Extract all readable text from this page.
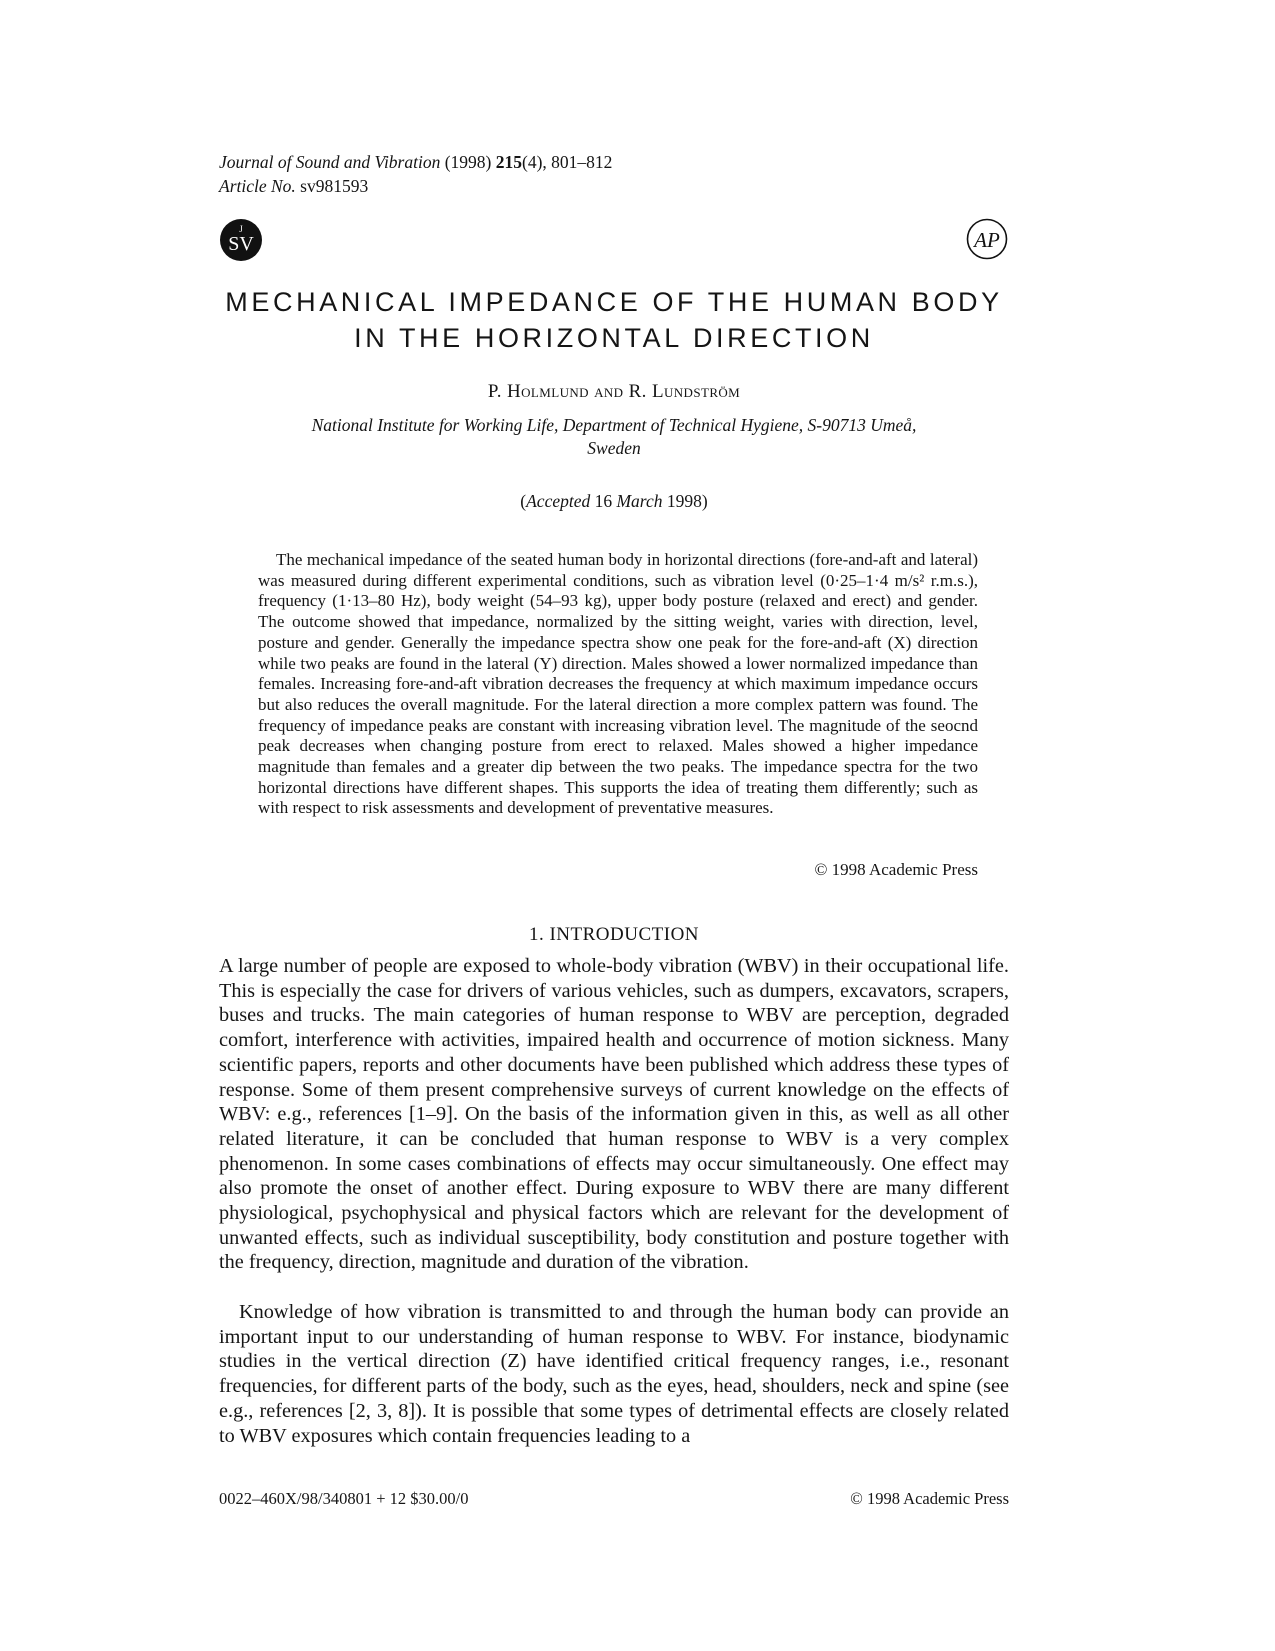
Journal of Sound and Vibration (1998) 215(4), 801–812
Article No. sv981593
J
SV	AP
MECHANICAL IMPEDANCE OF THE HUMAN BODY
IN THE HORIZONTAL DIRECTION
P. Holmlund and R. Lundström
National Institute for Working Life, Department of Technical Hygiene, S-90713 Umeå,
Sweden
(Accepted 16 March 1998)

The mechanical impedance of the seated human body in horizontal directions (fore-and-aft and lateral) was measured during different experimental conditions, such as vibration level (0·25–1·4 m/s² r.m.s.), frequency (1·13–80 Hz), body weight (54–93 kg), upper body posture (relaxed and erect) and gender. The outcome showed that impedance, normalized by the sitting weight, varies with direction, level, posture and gender. Generally the impedance spectra show one peak for the fore-and-aft (X) direction while two peaks are found in the lateral (Y) direction. Males showed a lower normalized impedance than females. Increasing fore-and-aft vibration decreases the frequency at which maximum impedance occurs but also reduces the overall magnitude. For the lateral direction a more complex pattern was found. The frequency of impedance peaks are constant with increasing vibration level. The magnitude of the seocnd peak decreases when changing posture from erect to relaxed. Males showed a higher impedance magnitude than females and a greater dip between the two peaks. The impedance spectra for the two horizontal directions have different shapes. This supports the idea of treating them differently; such as with respect to risk assessments and development of preventative measures.

© 1998 Academic Press
1. INTRODUCTION

A large number of people are exposed to whole-body vibration (WBV) in their occupational life. This is especially the case for drivers of various vehicles, such as dumpers, excavators, scrapers, buses and trucks. The main categories of human response to WBV are perception, degraded comfort, interference with activities, impaired health and occurrence of motion sickness. Many scientific papers, reports and other documents have been published which address these types of response. Some of them present comprehensive surveys of current knowledge on the effects of WBV: e.g., references [1–9]. On the basis of the information given in this, as well as all other related literature, it can be concluded that human response to WBV is a very complex phenomenon. In some cases combinations of effects may occur simultaneously. One effect may also promote the onset of another effect. During exposure to WBV there are many different physiological, psychophysical and physical factors which are relevant for the development of unwanted effects, such as individual susceptibility, body constitution and posture together with the frequency, direction, magnitude and duration of the vibration.

Knowledge of how vibration is transmitted to and through the human body can provide an important input to our understanding of human response to WBV. For instance, biodynamic studies in the vertical direction (Z) have identified critical frequency ranges, i.e., resonant frequencies, for different parts of the body, such as the eyes, head, shoulders, neck and spine (see e.g., references [2, 3, 8]). It is possible that some types of detrimental effects are closely related to WBV exposures which contain frequencies leading to a

0022–460X/98/340801 + 12 $30.00/0	© 1998 Academic Press
